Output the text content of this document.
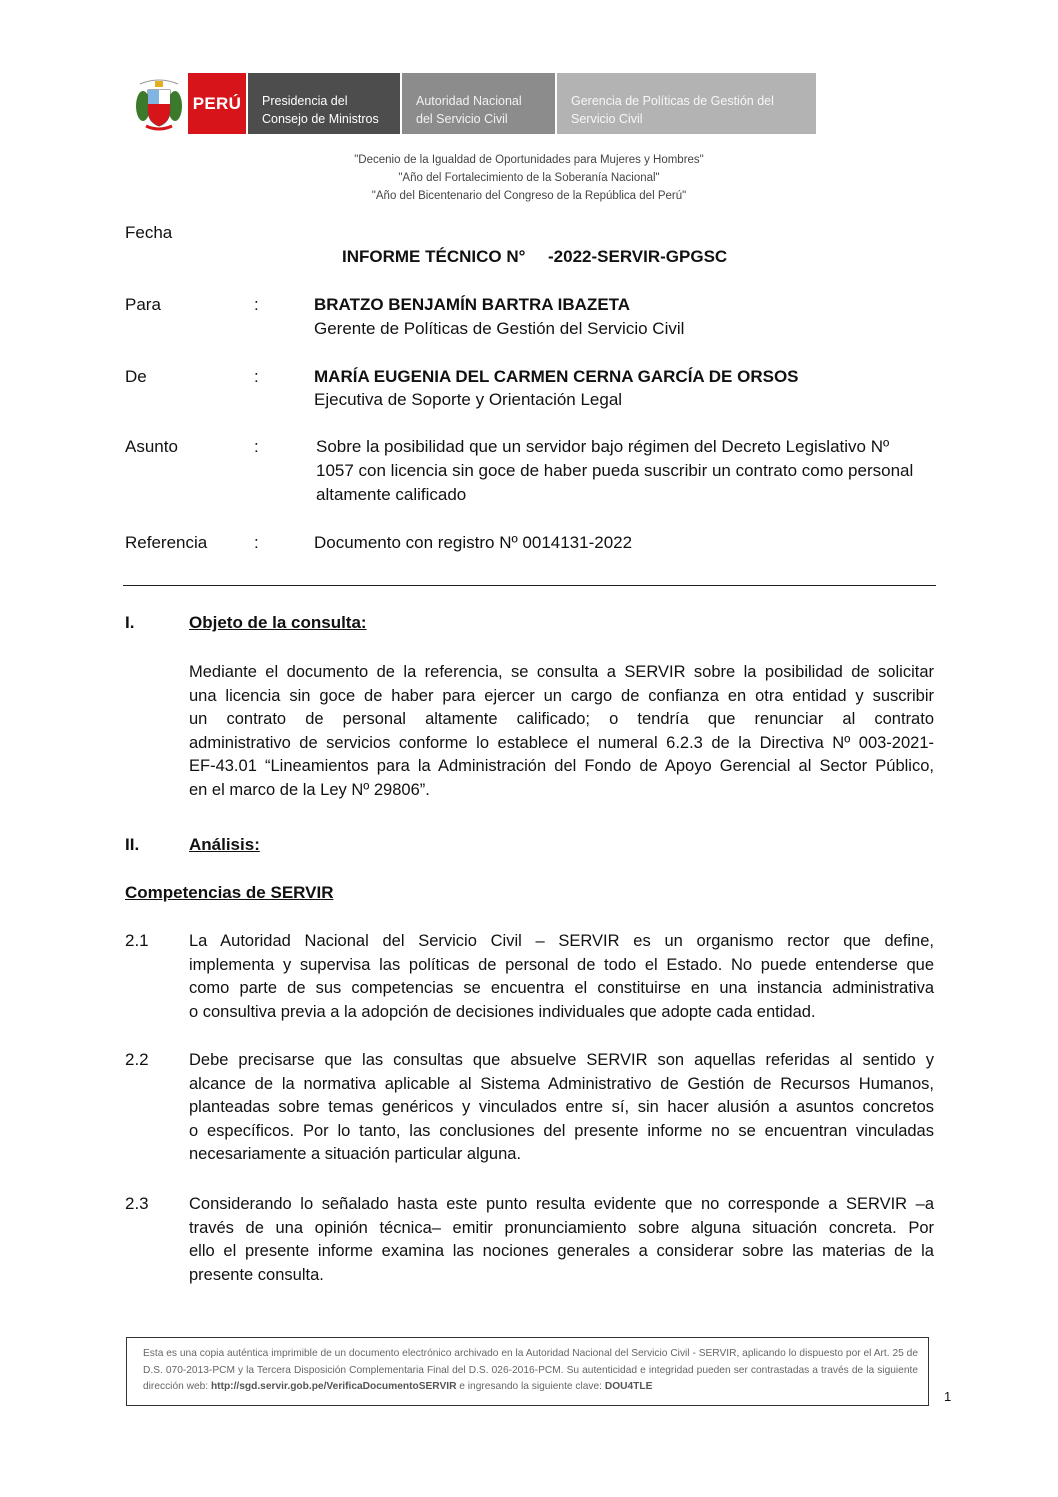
PERÚ	Presidencia del
Consejo de Ministros
Autoridad Nacional
del Servicio Civil
Gerencia de Políticas de Gestión del
Servicio Civil
"Decenio de la Igualdad de Oportunidades para Mujeres y Hombres"
"Año del Fortalecimiento de la Soberanía Nacional"
"Año del Bicentenario del Congreso de la República del Perú"
Fecha
INFORME TÉCNICO N° -2022-SERVIR-GPGSC
Para	:	BRATZO BENJAMÍN BARTRA IBAZETA
Gerente de Políticas de Gestión del Servicio Civil
De	:	MARÍA EUGENIA DEL CARMEN CERNA GARCÍA DE ORSOS
Ejecutiva de Soporte y Orientación Legal
Asunto	:	Sobre la posibilidad que un servidor bajo régimen del Decreto Legislativo Nº
1057 con licencia sin goce de haber pueda suscribir un contrato como personal
altamente calificado
Referencia	:	Documento con registro Nº 0014131-2022
I.	Objeto de la consulta:
Mediante el documento de la referencia, se consulta a SERVIR sobre la posibilidad de solicitar
una licencia sin goce de haber para ejercer un cargo de confianza en otra entidad y suscribir
un contrato de personal altamente calificado; o tendría que renunciar al contrato
administrativo de servicios conforme lo establece el numeral 6.2.3 de la Directiva Nº 003-2021-
EF-43.01 “Lineamientos para la Administración del Fondo de Apoyo Gerencial al Sector Público,
en el marco de la Ley Nº 29806”.
II.	Análisis:
Competencias de SERVIR
2.1 La Autoridad Nacional del Servicio Civil – SERVIR es un organismo rector que define,
implementa y supervisa las políticas de personal de todo el Estado. No puede entenderse que
como parte de sus competencias se encuentra el constituirse en una instancia administrativa
o consultiva previa a la adopción de decisiones individuales que adopte cada entidad.
2.2 Debe precisarse que las consultas que absuelve SERVIR son aquellas referidas al sentido y
alcance de la normativa aplicable al Sistema Administrativo de Gestión de Recursos Humanos,
planteadas sobre temas genéricos y vinculados entre sí, sin hacer alusión a asuntos concretos
o específicos. Por lo tanto, las conclusiones del presente informe no se encuentran vinculadas
necesariamente a situación particular alguna.
2.3 Considerando lo señalado hasta este punto resulta evidente que no corresponde a SERVIR –a
través de una opinión técnica– emitir pronunciamiento sobre alguna situación concreta. Por
ello el presente informe examina las nociones generales a considerar sobre las materias de la
presente consulta.
Esta es una copia auténtica imprimible de un documento electrónico archivado en la Autoridad Nacional del Servicio Civil - SERVIR, aplicando lo dispuesto por el Art. 25 de D.S. 070-2013-PCM y la Tercera Disposición Complementaria Final del D.S. 026-2016-PCM. Su autenticidad e integridad pueden ser contrastadas a través de la siguiente dirección web: http://sgd.servir.gob.pe/VerificaDocumentoSERVIR e ingresando la siguiente clave: DOU4TLE
1
